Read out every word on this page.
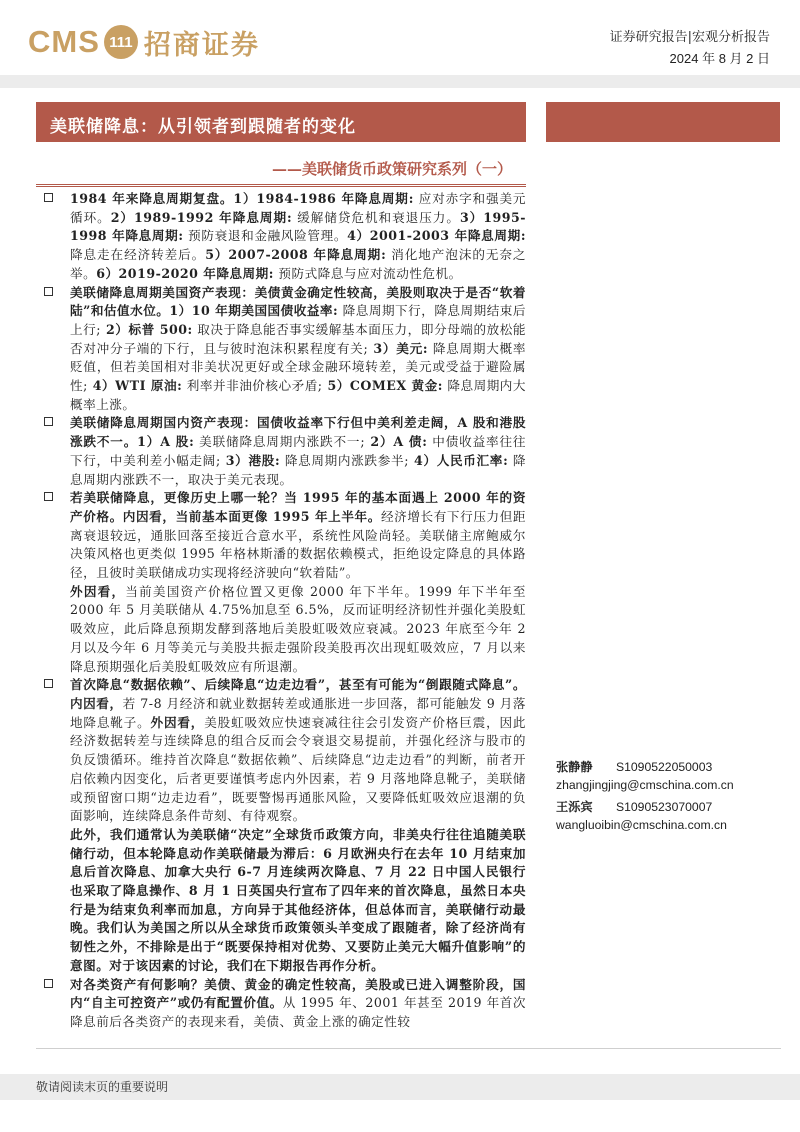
CMS 111 招商证券	证券研究报告|宏观分析报告
2024 年 8 月 2 日
美联储降息：从引领者到跟随者的变化
——美联储货币政策研究系列（一）
1984 年来降息周期复盘。1）1984-1986 年降息周期: 应对赤字和强美元循环。2）1989-1992 年降息周期: 缓解储贷危机和衰退压力。3）1995-1998 年降息周期: 预防衰退和金融风险管理。4）2001-2003 年降息周期: 降息走在经济转差后。5）2007-2008 年降息周期: 消化地产泡沫的无奈之举。6）2019-2020 年降息周期: 预防式降息与应对流动性危机。
美联储降息周期美国资产表现：美债黄金确定性较高，美股则取决于是否“软着陆”和估值水位。1）10 年期美国国债收益率: 降息周期下行，降息周期结束后上行; 2）标普 500: 取决于降息能否事实缓解基本面压力，即分母端的放松能否对冲分子端的下行，且与彼时泡沫积累程度有关; 3）美元: 降息周期大概率贬值，但若美国相对非美状况更好或全球金融环境转差，美元或受益于避险属性; 4）WTI 原油: 利率并非油价核心矛盾; 5）COMEX 黄金: 降息周期内大概率上涨。
美联储降息周期国内资产表现：国债收益率下行但中美利差走阔，A 股和港股涨跌不一。1）A 股: 美联储降息周期内涨跌不一; 2）A 债: 中债收益率往往下行，中美利差小幅走阔; 3）港股: 降息周期内涨跌参半; 4）人民币汇率: 降息周期内涨跌不一，取决于美元表现。
若美联储降息，更像历史上哪一轮？当 1995 年的基本面遇上 2000 年的资产价格。内因看，当前基本面更像 1995 年上半年。经济增长有下行压力但距离衰退较远，通胀回落至接近合意水平，系统性风险尚轻。美联储主席鲍威尔决策风格也更类似 1995 年格林斯潘的数据依赖模式，拒绝设定降息的具体路径，且彼时美联储成功实现将经济驶向“软着陆”。
外因看，当前美国资产价格位置又更像 2000 年下半年。1999 年下半年至 2000 年 5 月美联储从 4.75%加息至 6.5%，反而证明经济韧性并强化美股虹吸效应，此后降息预期发酵到落地后美股虹吸效应衰减。2023 年底至今年 2 月以及今年 6 月等美元与美股共振走强阶段美股再次出现虹吸效应，7 月以来降息预期强化后美股虹吸效应有所退潮。
首次降息“数据依赖”、后续降息“边走边看”，甚至有可能为“倒跟随式降息”。内因看，若 7-8 月经济和就业数据转差或通胀进一步回落，都可能触发 9 月落地降息靴子。外因看，美股虹吸效应快速衰减往往会引发资产价格巨震，因此经济数据转差与连续降息的组合反而会令衰退交易提前，并强化经济与股市的负反馈循环。维持首次降息“数据依赖”、后续降息“边走边看”的判断，前者开启依赖内因变化，后者更要谨慎考虑内外因素，若 9 月落地降息靴子，美联储或预留窗口期“边走边看”，既要警惕再通胀风险，又要降低虹吸效应退潮的负面影响，连续降息条件苛刻、有待观察。
此外，我们通常认为美联储“决定”全球货币政策方向，非美央行往往追随美联储行动，但本轮降息动作美联储最为滞后：6 月欧洲央行在去年 10 月结束加息后首次降息、加拿大央行 6-7 月连续两次降息、7 月 22 日中国人民银行也采取了降息操作、8 月 1 日英国央行宣布了四年来的首次降息，虽然日本央行是为结束负利率而加息，方向异于其他经济体，但总体而言，美联储行动最晚。我们认为美国之所以从全球货币政策领头羊变成了跟随者，除了经济尚有韧性之外，不排除是出于“既要保持相对优势、又要防止美元大幅升值影响”的意图。对于该因素的讨论，我们在下期报告再作分析。
对各类资产有何影响？美债、黄金的确定性较高，美股或已进入调整阶段，国内“自主可控资产”或仍有配置价值。从 1995 年、2001 年甚至 2019 年首次降息前后各类资产的表现来看，美债、黄金上涨的确定性较
张静静 S1090522050003
zhangjingjing@cmschina.com.cn
王泺宾 S1090523070007
wangluoibin@cmschina.com.cn
敬请阅读末页的重要说明
